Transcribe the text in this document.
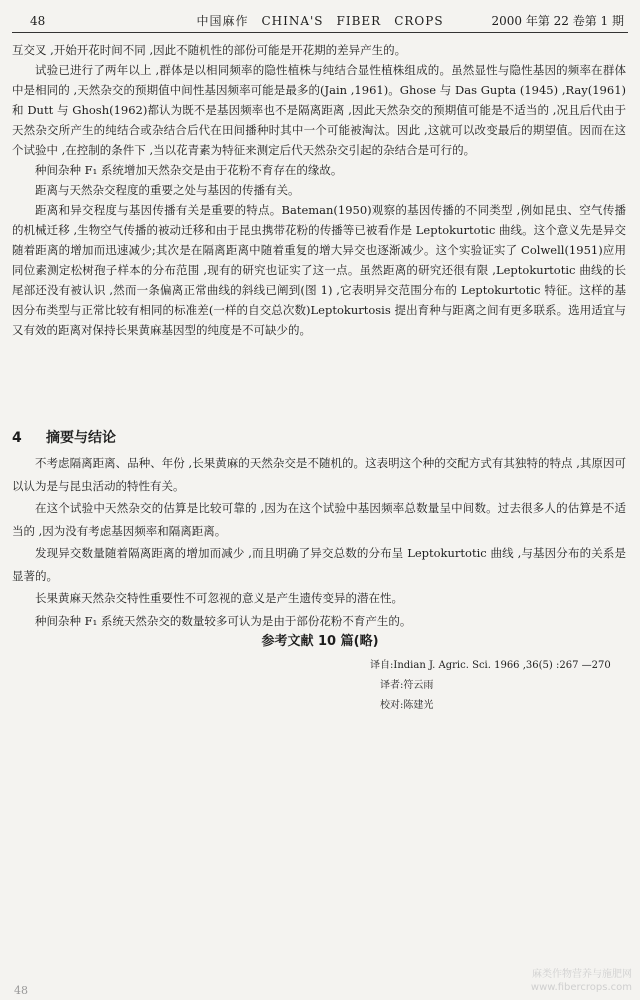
48	中国麻作　CHINA'S　FIBER　CROPS	2000 年第 22 卷第 1 期

互交叉 ,开始开花时间不同 ,因此不随机性的部份可能是开花期的差异产生的。

试验已进行了两年以上 ,群体是以相同频率的隐性植株与纯结合显性植株组成的。虽然显性与隐性基因的频率在群体中是相同的 ,天然杂交的预期值中间性基因频率可能是最多的(Jain ,1961)。Ghose 与 Das Gupta (1945) ,Ray(1961)和 Dutt 与 Ghosh(1962)都认为既不是基因频率也不是隔离距离 ,因此天然杂交的预期值可能是不适当的 ,况且后代由于天然杂交所产生的纯结合或杂结合后代在田间播种时其中一个可能被淘汰。因此 ,这就可以改变最后的期望值。因而在这个试验中 ,在控制的条件下 ,当以花青素为特征来测定后代天然杂交引起的杂结合是可行的。

种间杂种 F₁ 系统增加天然杂交是由于花粉不育存在的缘故。

距离与天然杂交程度的重要之处与基因的传播有关。

距离和异交程度与基因传播有关是重要的特点。Bateman(1950)观察的基因传播的不同类型 ,例如昆虫、空气传播的机械迁移 ,生物空气传播的被动迁移和由于昆虫携带花粉的传播等已被看作是 Leptokurtotic 曲线。这个意义先是异交随着距离的增加而迅速减少;其次是在隔离距离中随着重复的增大异交也逐渐减少。这个实验证实了 Colwell(1951)应用同位素测定松树孢子样本的分布范围 ,现有的研究也证实了这一点。虽然距离的研究还很有限 ,Leptokurtotic 曲线的长尾部还没有被认识 ,然而一条偏离正常曲线的斜线已阐到(图 1) ,它表明异交范围分布的 Leptokurtotic 特征。这样的基因分布类型与正常比较有相同的标准差(一样的自交总次数)Leptokurtosis 提出育种与距离之间有更多联系。选用适宜与又有效的距离对保持长果黄麻基因型的纯度是不可缺少的。

4 摘要与结论

不考虑隔离距离、品种、年份 ,长果黄麻的天然杂交是不随机的。这表明这个种的交配方式有其独特的特点 ,其原因可以认为是与昆虫活动的特性有关。

在这个试验中天然杂交的估算是比较可靠的 ,因为在这个试验中基因频率总数量呈中间数。过去很多人的估算是不适当的 ,因为没有考虑基因频率和隔离距离。

发现异交数量随着隔离距离的增加而减少 ,而且明确了异交总数的分布呈 Leptokurtotic 曲线 ,与基因分布的关系是显著的。

长果黄麻天然杂交特性重要性不可忽视的意义是产生遗传变异的潜在性。

种间杂种 F₁ 系统天然杂交的数量较多可认为是由于部份花粉不育产生的。

参考文献 10 篇(略)
译自:Indian J. Agric. Sci. 1966 ,36(5) :267 —270
译者:符云雨
校对:陈建光
48
麻类作物营养与施肥网
www.fibercrops.com
